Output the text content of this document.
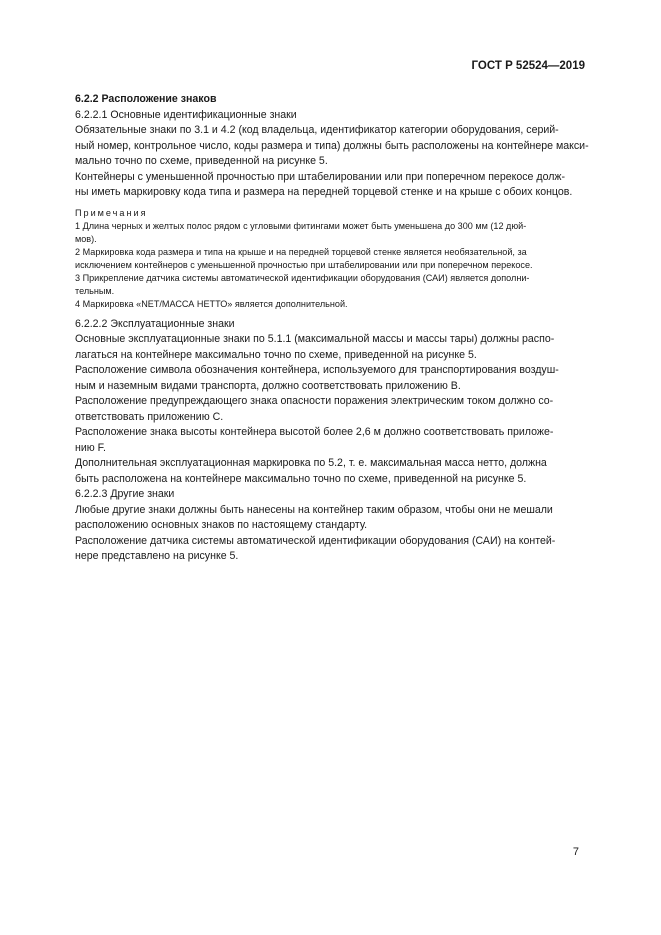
ГОСТ Р 52524—2019
6.2.2 Расположение знаков
6.2.2.1 Основные идентификационные знаки
Обязательные знаки по 3.1 и 4.2 (код владельца, идентификатор категории оборудования, серий-
ный номер, контрольное число, коды размера и типа) должны быть расположены на контейнере макси-
мально точно по схеме, приведенной на рисунке 5.
Контейнеры с уменьшенной прочностью при штабелировании или при поперечном перекосе долж-
ны иметь маркировку кода типа и размера на передней торцевой стенке и на крыше с обоих концов.
Примечания
1 Длина черных и желтых полос рядом с угловыми фитингами может быть уменьшена до 300 мм (12 дюй-
мов).
2 Маркировка кода размера и типа на крыше и на передней торцевой стенке является необязательной, за
исключением контейнеров с уменьшенной прочностью при штабелировании или при поперечном перекосе.
3 Прикрепление датчика системы автоматической идентификации оборудования (САИ) является дополни-
тельным.
4 Маркировка «NET/МАССА НЕТТО» является дополнительной.
6.2.2.2 Эксплуатационные знаки
Основные эксплуатационные знаки по 5.1.1 (максимальной массы и массы тары) должны распо-
лагаться на контейнере максимально точно по схеме, приведенной на рисунке 5.
Расположение символа обозначения контейнера, используемого для транспортирования воздуш-
ным и наземным видами транспорта, должно соответствовать приложению В.
Расположение предупреждающего знака опасности поражения электрическим током должно со-
ответствовать приложению С.
Расположение знака высоты контейнера высотой более 2,6 м должно соответствовать приложе-
нию F.
Дополнительная эксплуатационная маркировка по 5.2, т. е. максимальная масса нетто, должна
быть расположена на контейнере максимально точно по схеме, приведенной на рисунке 5.
6.2.2.3 Другие знаки
Любые другие знаки должны быть нанесены на контейнер таким образом, чтобы они не мешали
расположению основных знаков по настоящему стандарту.
Расположение датчика системы автоматической идентификации оборудования (САИ) на контей-
нере представлено на рисунке 5.
7
